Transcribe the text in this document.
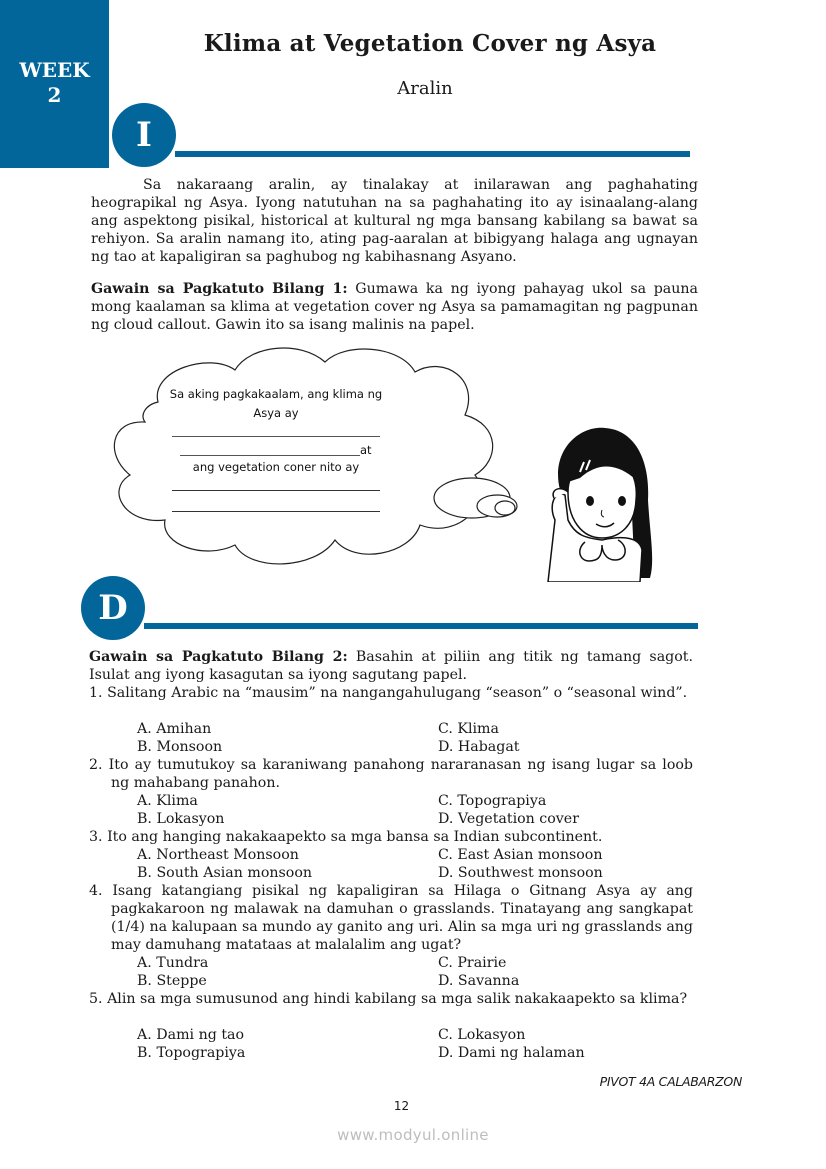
WEEK
2
Klima at Vegetation Cover ng Asya
Aralin
I
Sa nakaraang aralin, ay tinalakay at inilarawan ang paghahating heograpikal ng Asya. Iyong natutuhan na sa paghahating ito ay isinaalang-alang ang aspektong pisikal, historical at kultural ng mga bansang kabilang sa bawat sa rehiyon. Sa aralin namang ito, ating pag-aaralan at bibigyang halaga ang ugnayan ng tao at kapaligiran sa paghubog ng kabihasnang Asyano.
Gawain sa Pagkatuto Bilang 1: Gumawa ka ng iyong pahayag ukol sa pauna mong kaalaman sa klima at vegetation cover ng Asya sa pamamagitan ng pagpunan ng cloud callout. Gawin ito sa isang malinis na papel.
Sa aking pagkakaalam, ang klima ng
Asya ay
at
ang vegetation coner nito ay
D
Gawain sa Pagkatuto Bilang 2: Basahin at piliin ang titik ng tamang sagot. Isulat ang iyong kasagutan sa iyong sagutang papel.
1. Salitang Arabic na “mausim” na nangangahulugang “season” o “seasonal wind”.
A. Amihan
B. Monsoon
C. Klima
D. Habagat
2. Ito ay tumutukoy sa karaniwang panahong nararanasan ng isang lugar sa loob ng mahabang panahon.
A. Klima
B. Lokasyon
C. Topograpiya
D. Vegetation cover
3. Ito ang hanging nakakaapekto sa mga bansa sa Indian subcontinent.
A. Northeast Monsoon
B. South Asian monsoon
C. East Asian monsoon
D. Southwest monsoon
4. Isang katangiang pisikal ng kapaligiran sa Hilaga o Gitnang Asya ay ang pagkakaroon ng malawak na damuhan o grasslands. Tinatayang ang sangkapat (1/4) na kalupaan sa mundo ay ganito ang uri. Alin sa mga uri ng grasslands ang may damuhang matataas at malalalim ang ugat?
A. Tundra
B. Steppe
C. Prairie
D. Savanna
5. Alin sa mga sumusunod ang hindi kabilang sa mga salik nakakaapekto sa klima?
A. Dami ng tao
B. Topograpiya
C. Lokasyon
D. Dami ng halaman
PIVOT 4A CALABARZON
12
www.modyul.online
